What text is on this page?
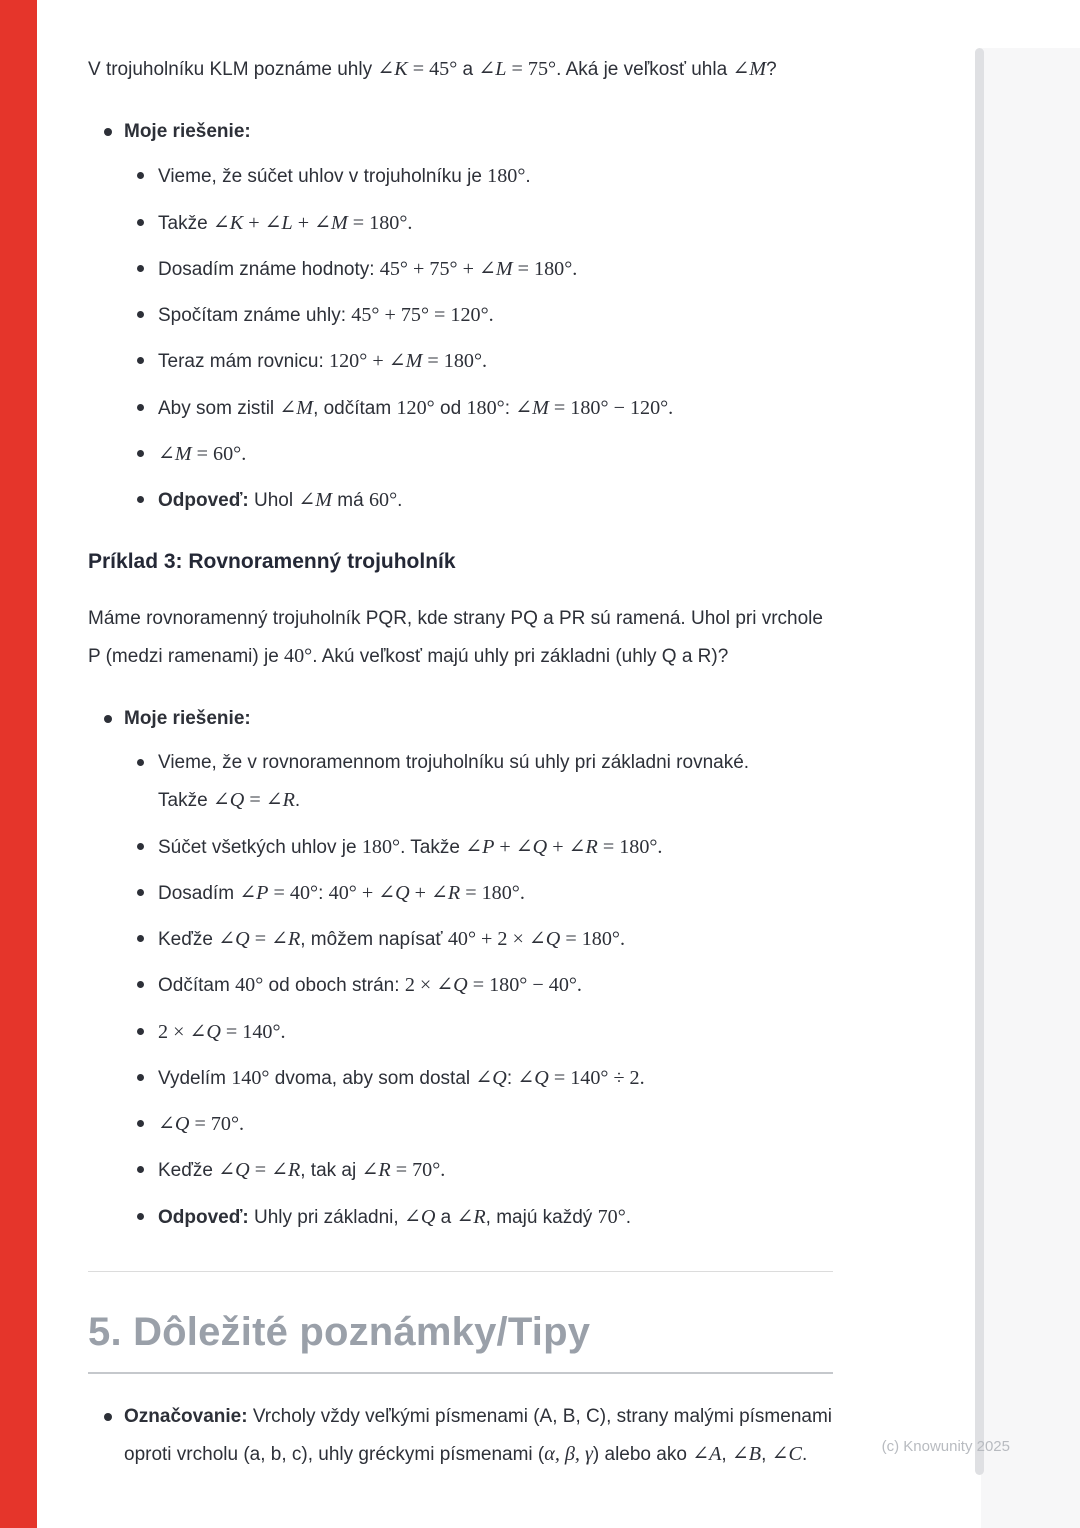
V trojuholníku KLM poznáme uhly ∠K = 45° a ∠L = 75°. Aká je veľkosť uhla ∠M?

Moje riešenie:
Vieme, že súčet uhlov v trojuholníku je 180°.
Takže ∠K + ∠L + ∠M = 180°.
Dosadím známe hodnoty: 45° + 75° + ∠M = 180°.
Spočítam známe uhly: 45° + 75° = 120°.
Teraz mám rovnicu: 120° + ∠M = 180°.
Aby som zistil ∠M, odčítam 120° od 180°: ∠M = 180° − 120°.
∠M = 60°.
Odpoveď: Uhol ∠M má 60°.
Príklad 3: Rovnoramenný trojuholník

Máme rovnoramenný trojuholník PQR, kde strany PQ a PR sú ramená. Uhol pri vrchole P (medzi ramenami) je 40°. Akú veľkosť majú uhly pri základni (uhly Q a R)?

Moje riešenie:
Vieme, že v rovnoramennom trojuholníku sú uhly pri základni rovnaké.
Takže ∠Q = ∠R.
Súčet všetkých uhlov je 180°. Takže ∠P + ∠Q + ∠R = 180°.
Dosadím ∠P = 40°: 40° + ∠Q + ∠R = 180°.
Keďže ∠Q = ∠R, môžem napísať 40° + 2 × ∠Q = 180°.
Odčítam 40° od oboch strán: 2 × ∠Q = 180° − 40°.
2 × ∠Q = 140°.
Vydelím 140° dvoma, aby som dostal ∠Q: ∠Q = 140° ÷ 2.
∠Q = 70°.
Keďže ∠Q = ∠R, tak aj ∠R = 70°.
Odpoveď: Uhly pri základni, ∠Q a ∠R, majú každý 70°.
5. Dôležité poznámky/Tipy
Označovanie: Vrcholy vždy veľkými písmenami (A, B, C), strany malými písmenami oproti vrcholu (a, b, c), uhly gréckymi písmenami (α, β, γ) alebo ako ∠A, ∠B, ∠C.	(c) Knowunity 2025
